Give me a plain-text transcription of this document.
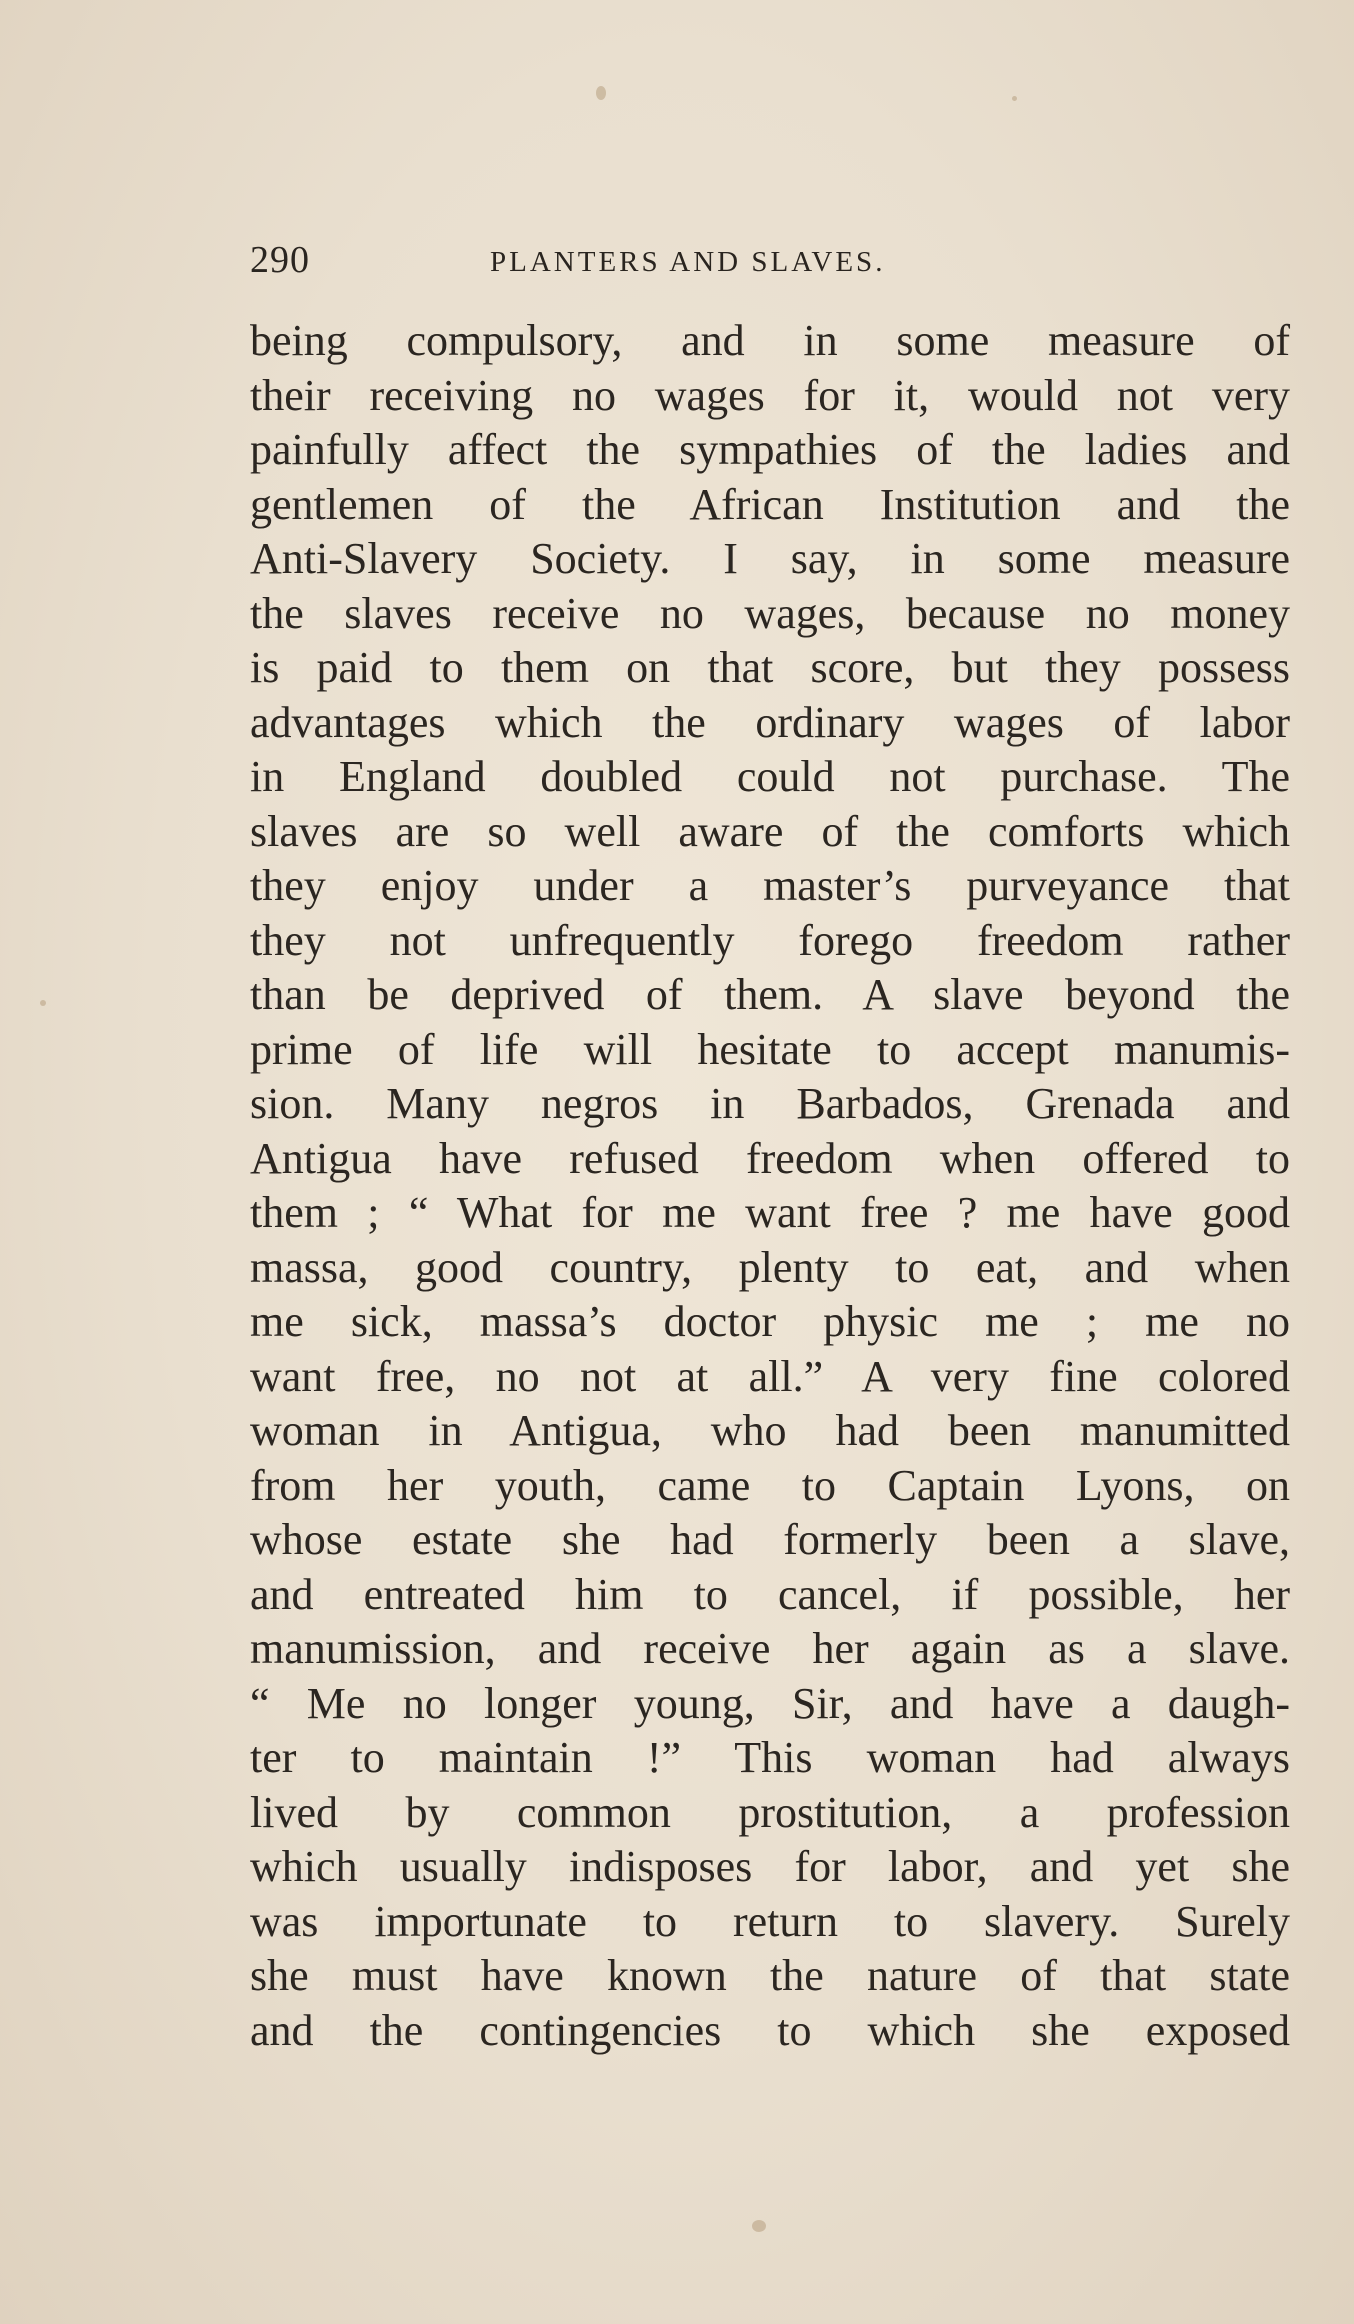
290	PLANTERS AND SLAVES.
being compulsory, and in some measure of
their receiving no wages for it, would not very
painfully affect the sympathies of the ladies and
gentlemen of the African Institution and the
Anti-Slavery Society. I say, in some measure
the slaves receive no wages, because no money
is paid to them on that score, but they possess
advantages which the ordinary wages of labor
in England doubled could not purchase. The
slaves are so well aware of the comforts which
they enjoy under a master’s purveyance that
they not unfrequently forego freedom rather
than be deprived of them. A slave beyond the
prime of life will hesitate to accept manumis-
sion. Many negros in Barbados, Grenada and
Antigua have refused freedom when offered to
them ; “ What for me want free ? me have good
massa, good country, plenty to eat, and when
me sick, massa’s doctor physic me ; me no
want free, no not at all.” A very fine colored
woman in Antigua, who had been manumitted
from her youth, came to Captain Lyons, on
whose estate she had formerly been a slave,
and entreated him to cancel, if possible, her
manumission, and receive her again as a slave.
“ Me no longer young, Sir, and have a daugh-
ter to maintain !” This woman had always
lived by common prostitution, a profession
which usually indisposes for labor, and yet she
was importunate to return to slavery. Surely
she must have known the nature of that state
and the contingencies to which she exposed
